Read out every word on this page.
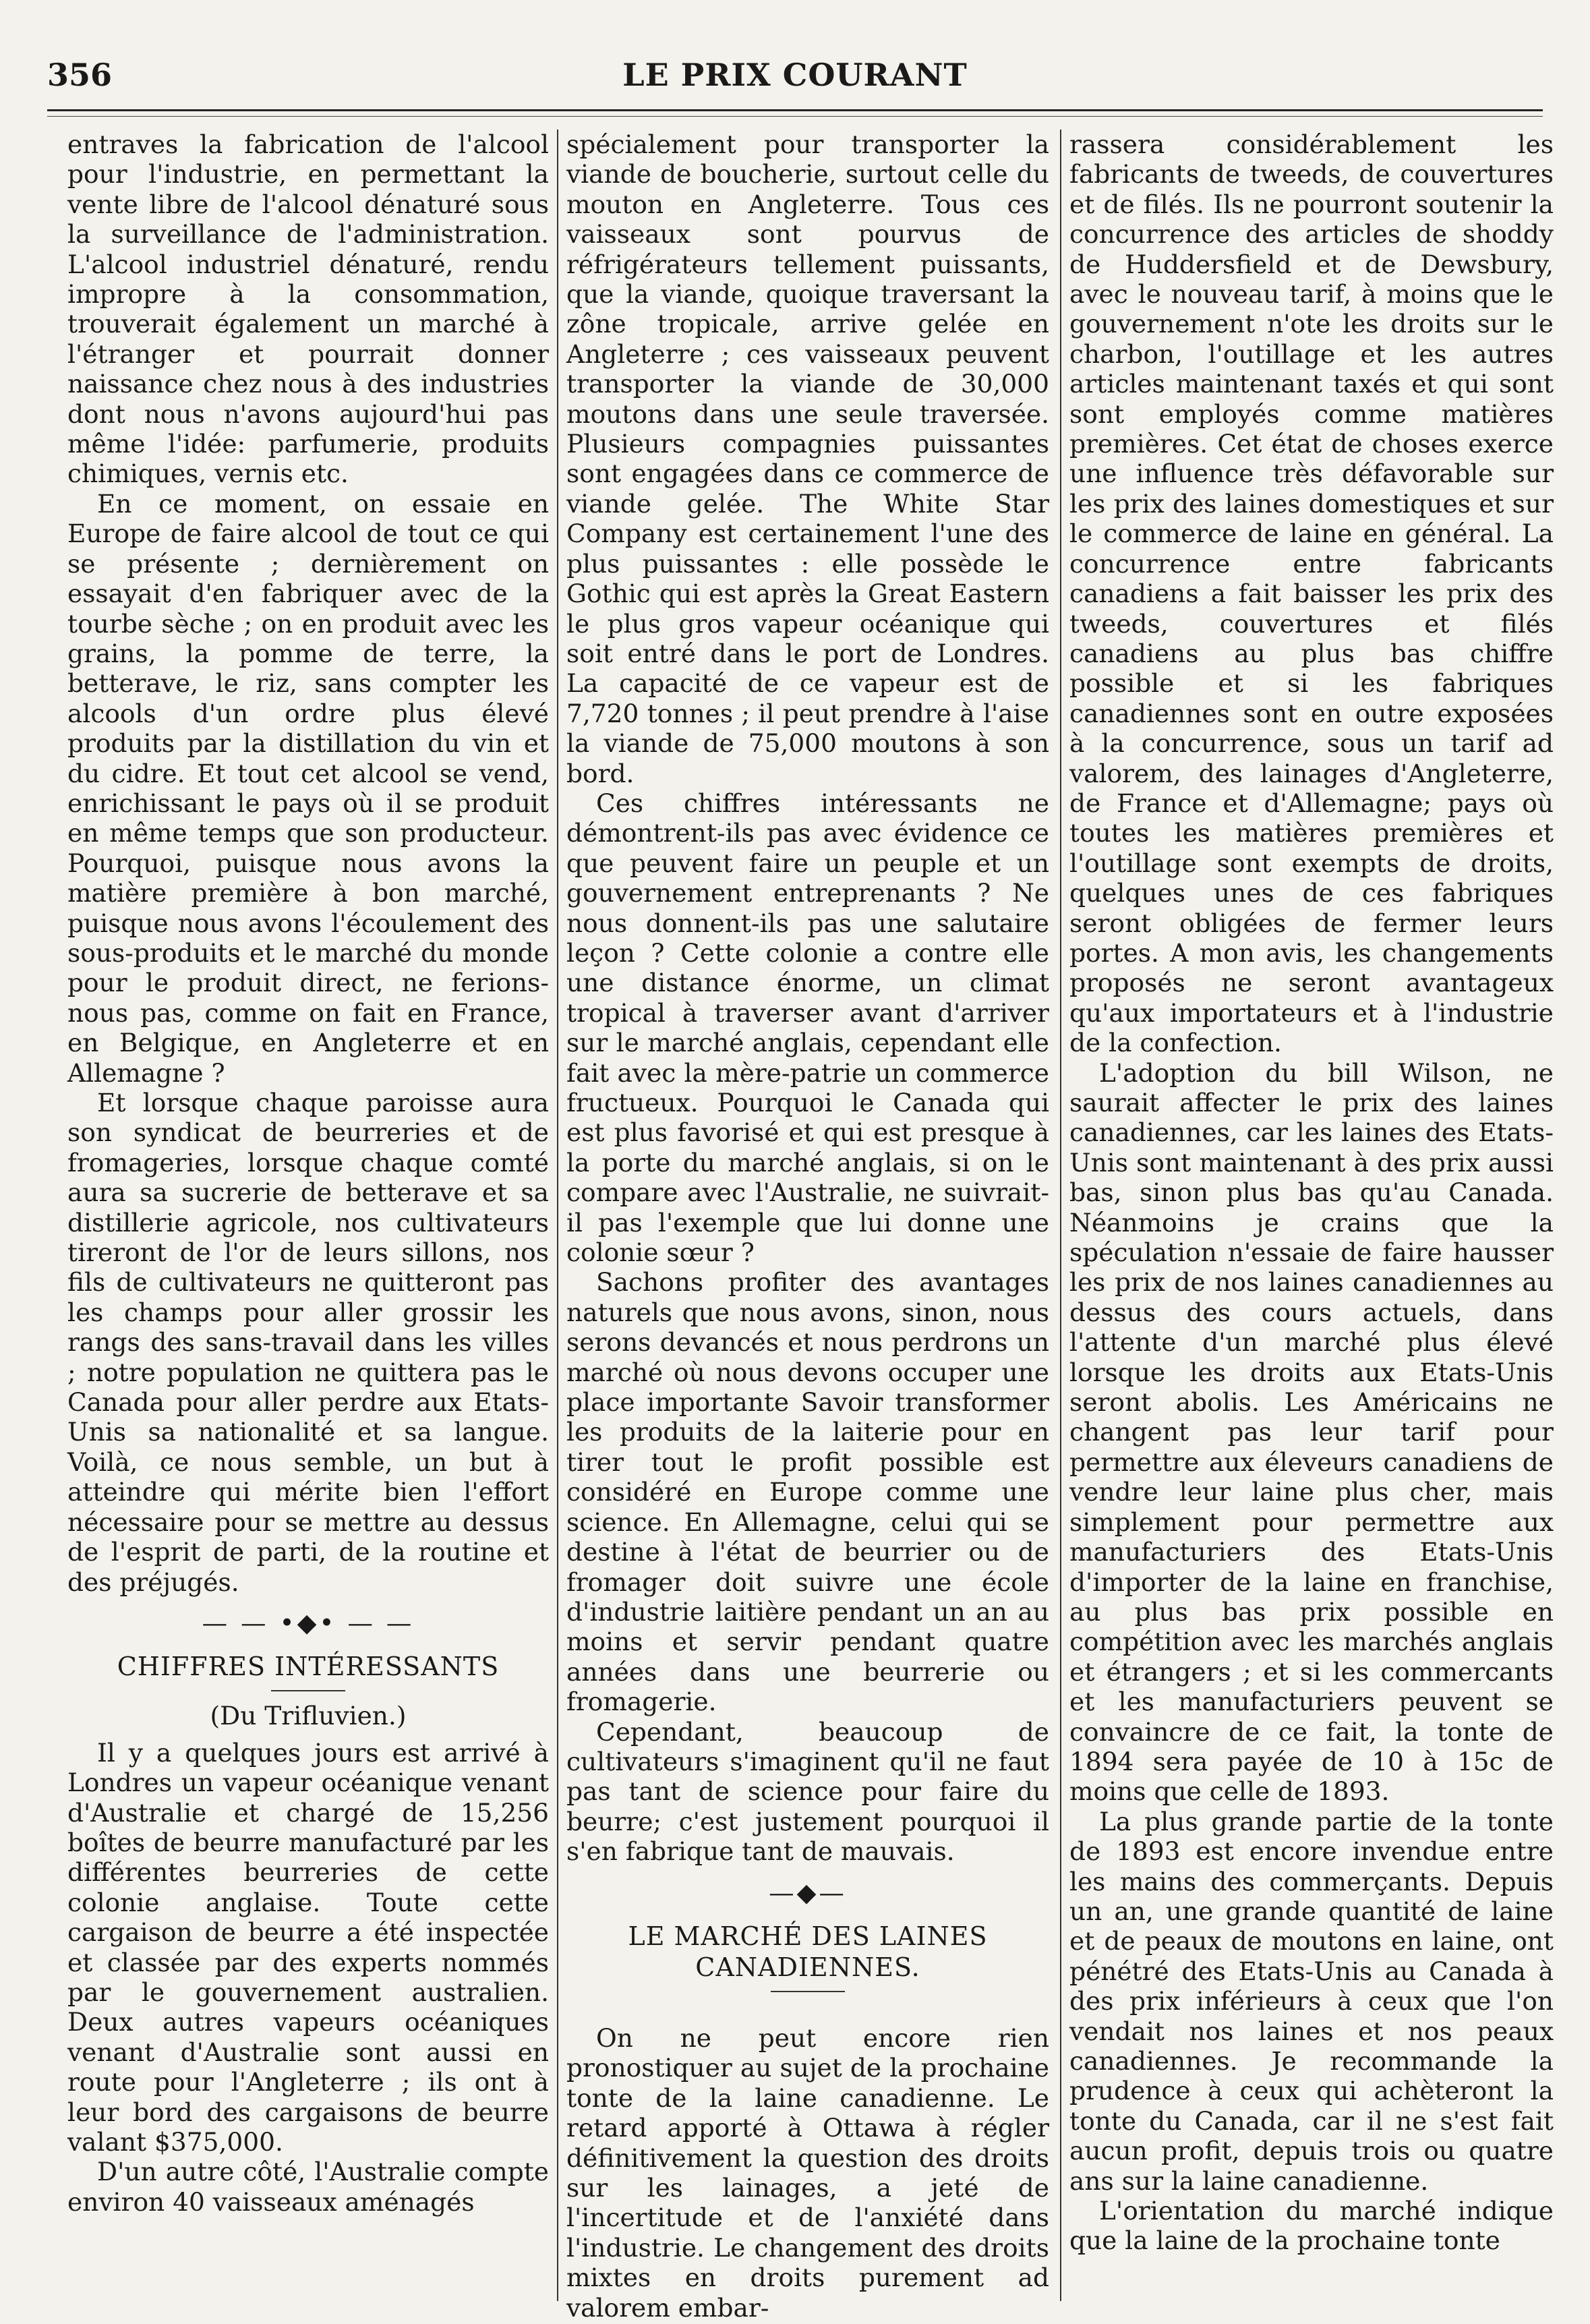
356	LE PRIX COURANT

entraves la fabrication de l'alcool pour l'industrie, en permettant la vente libre de l'alcool dénaturé sous la surveillance de l'administration. L'alcool industriel dénaturé, rendu impropre à la consommation, trouverait également un marché à l'étranger et pourrait donner naissance chez nous à des industries dont nous n'avons aujourd'hui pas même l'idée: parfumerie, produits chimiques, vernis etc.

En ce moment, on essaie en Europe de faire alcool de tout ce qui se présente ; dernièrement on essayait d'en fabriquer avec de la tourbe sèche ; on en produit avec les grains, la pomme de terre, la betterave, le riz, sans compter les alcools d'un ordre plus élevé produits par la distillation du vin et du cidre. Et tout cet alcool se vend, enrichissant le pays où il se produit en même temps que son producteur. Pourquoi, puisque nous avons la matière première à bon marché, puisque nous avons l'écoulement des sous-produits et le marché du monde pour le produit direct, ne ferions-nous pas, comme on fait en France, en Belgique, en Angleterre et en Allemagne ?

Et lorsque chaque paroisse aura son syndicat de beurreries et de fromageries, lorsque chaque comté aura sa sucrerie de betterave et sa distillerie agricole, nos cultivateurs tireront de l'or de leurs sillons, nos fils de cultivateurs ne quitteront pas les champs pour aller grossir les rangs des sans-travail dans les villes ; notre population ne quittera pas le Canada pour aller perdre aux Etats-Unis sa nationalité et sa langue. Voilà, ce nous semble, un but à atteindre qui mérite bien l'effort nécessaire pour se mettre au dessus de l'esprit de parti, de la routine et des préjugés.

— — •◆• — —
CHIFFRES INTÉRESSANTS
(Du Trifluvien.)

Il y a quelques jours est arrivé à Londres un vapeur océanique venant d'Australie et chargé de 15,256 boîtes de beurre manufacturé par les différentes beurreries de cette colonie anglaise. Toute cette cargaison de beurre a été inspectée et classée par des experts nommés par le gouvernement australien. Deux autres vapeurs océaniques venant d'Australie sont aussi en route pour l'Angleterre ; ils ont à leur bord des cargaisons de beurre valant $375,000.

D'un autre côté, l'Australie compte environ 40 vaisseaux aménagés

spécialement pour transporter la viande de boucherie, surtout celle du mouton en Angleterre. Tous ces vaisseaux sont pourvus de réfrigérateurs tellement puissants, que la viande, quoique traversant la zône tropicale, arrive gelée en Angleterre ; ces vaisseaux peuvent transporter la viande de 30,000 moutons dans une seule traversée. Plusieurs compagnies puissantes sont engagées dans ce commerce de viande gelée. The White Star Company est certainement l'une des plus puissantes : elle possède le Gothic qui est après la Great Eastern le plus gros vapeur océanique qui soit entré dans le port de Londres. La capacité de ce vapeur est de 7,720 tonnes ; il peut prendre à l'aise la viande de 75,000 moutons à son bord.

Ces chiffres intéressants ne démontrent-ils pas avec évidence ce que peuvent faire un peuple et un gouvernement entreprenants ? Ne nous donnent-ils pas une salutaire leçon ? Cette colonie a contre elle une distance énorme, un climat tropical à traverser avant d'arriver sur le marché anglais, cependant elle fait avec la mère-patrie un commerce fructueux. Pourquoi le Canada qui est plus favorisé et qui est presque à la porte du marché anglais, si on le compare avec l'Australie, ne suivrait-il pas l'exemple que lui donne une colonie sœur ?

Sachons profiter des avantages naturels que nous avons, sinon, nous serons devancés et nous perdrons un marché où nous devons occuper une place importante Savoir transformer les produits de la laiterie pour en tirer tout le profit possible est considéré en Europe comme une science. En Allemagne, celui qui se destine à l'état de beurrier ou de fromager doit suivre une école d'industrie laitière pendant un an au moins et servir pendant quatre années dans une beurrerie ou fromagerie.

Cependant, beaucoup de cultivateurs s'imaginent qu'il ne faut pas tant de science pour faire du beurre; c'est justement pourquoi il s'en fabrique tant de mauvais.

—◆—
LE MARCHÉ DES LAINES CANADIENNES.

On ne peut encore rien pronostiquer au sujet de la prochaine tonte de la laine canadienne. Le retard apporté à Ottawa à régler définitivement la question des droits sur les lainages, a jeté de l'incertitude et de l'anxiété dans l'industrie. Le changement des droits mixtes en droits purement ad valorem embar-

rassera considérablement les fabricants de tweeds, de couvertures et de filés. Ils ne pourront soutenir la concurrence des articles de shoddy de Huddersfield et de Dewsbury, avec le nouveau tarif, à moins que le gouvernement n'ote les droits sur le charbon, l'outillage et les autres articles maintenant taxés et qui sont sont employés comme matières premières. Cet état de choses exerce une influence très défavorable sur les prix des laines domestiques et sur le commerce de laine en général. La concurrence entre fabricants canadiens a fait baisser les prix des tweeds, couvertures et filés canadiens au plus bas chiffre possible et si les fabriques canadiennes sont en outre exposées à la concurrence, sous un tarif ad valorem, des lainages d'Angleterre, de France et d'Allemagne; pays où toutes les matières premières et l'outillage sont exempts de droits, quelques unes de ces fabriques seront obligées de fermer leurs portes. A mon avis, les changements proposés ne seront avantageux qu'aux importateurs et à l'industrie de la confection.

L'adoption du bill Wilson, ne saurait affecter le prix des laines canadiennes, car les laines des Etats-Unis sont maintenant à des prix aussi bas, sinon plus bas qu'au Canada. Néanmoins je crains que la spéculation n'essaie de faire hausser les prix de nos laines canadiennes au dessus des cours actuels, dans l'attente d'un marché plus élevé lorsque les droits aux Etats-Unis seront abolis. Les Américains ne changent pas leur tarif pour permettre aux éleveurs canadiens de vendre leur laine plus cher, mais simplement pour permettre aux manufacturiers des Etats-Unis d'importer de la laine en franchise, au plus bas prix possible en compétition avec les marchés anglais et étrangers ; et si les commercants et les manufacturiers peuvent se convaincre de ce fait, la tonte de 1894 sera payée de 10 à 15c de moins que celle de 1893.

La plus grande partie de la tonte de 1893 est encore invendue entre les mains des commerçants. Depuis un an, une grande quantité de laine et de peaux de moutons en laine, ont pénétré des Etats-Unis au Canada à des prix inférieurs à ceux que l'on vendait nos laines et nos peaux canadiennes. Je recommande la prudence à ceux qui achèteront la tonte du Canada, car il ne s'est fait aucun profit, depuis trois ou quatre ans sur la laine canadienne.

L'orientation du marché indique que la laine de la prochaine tonte
